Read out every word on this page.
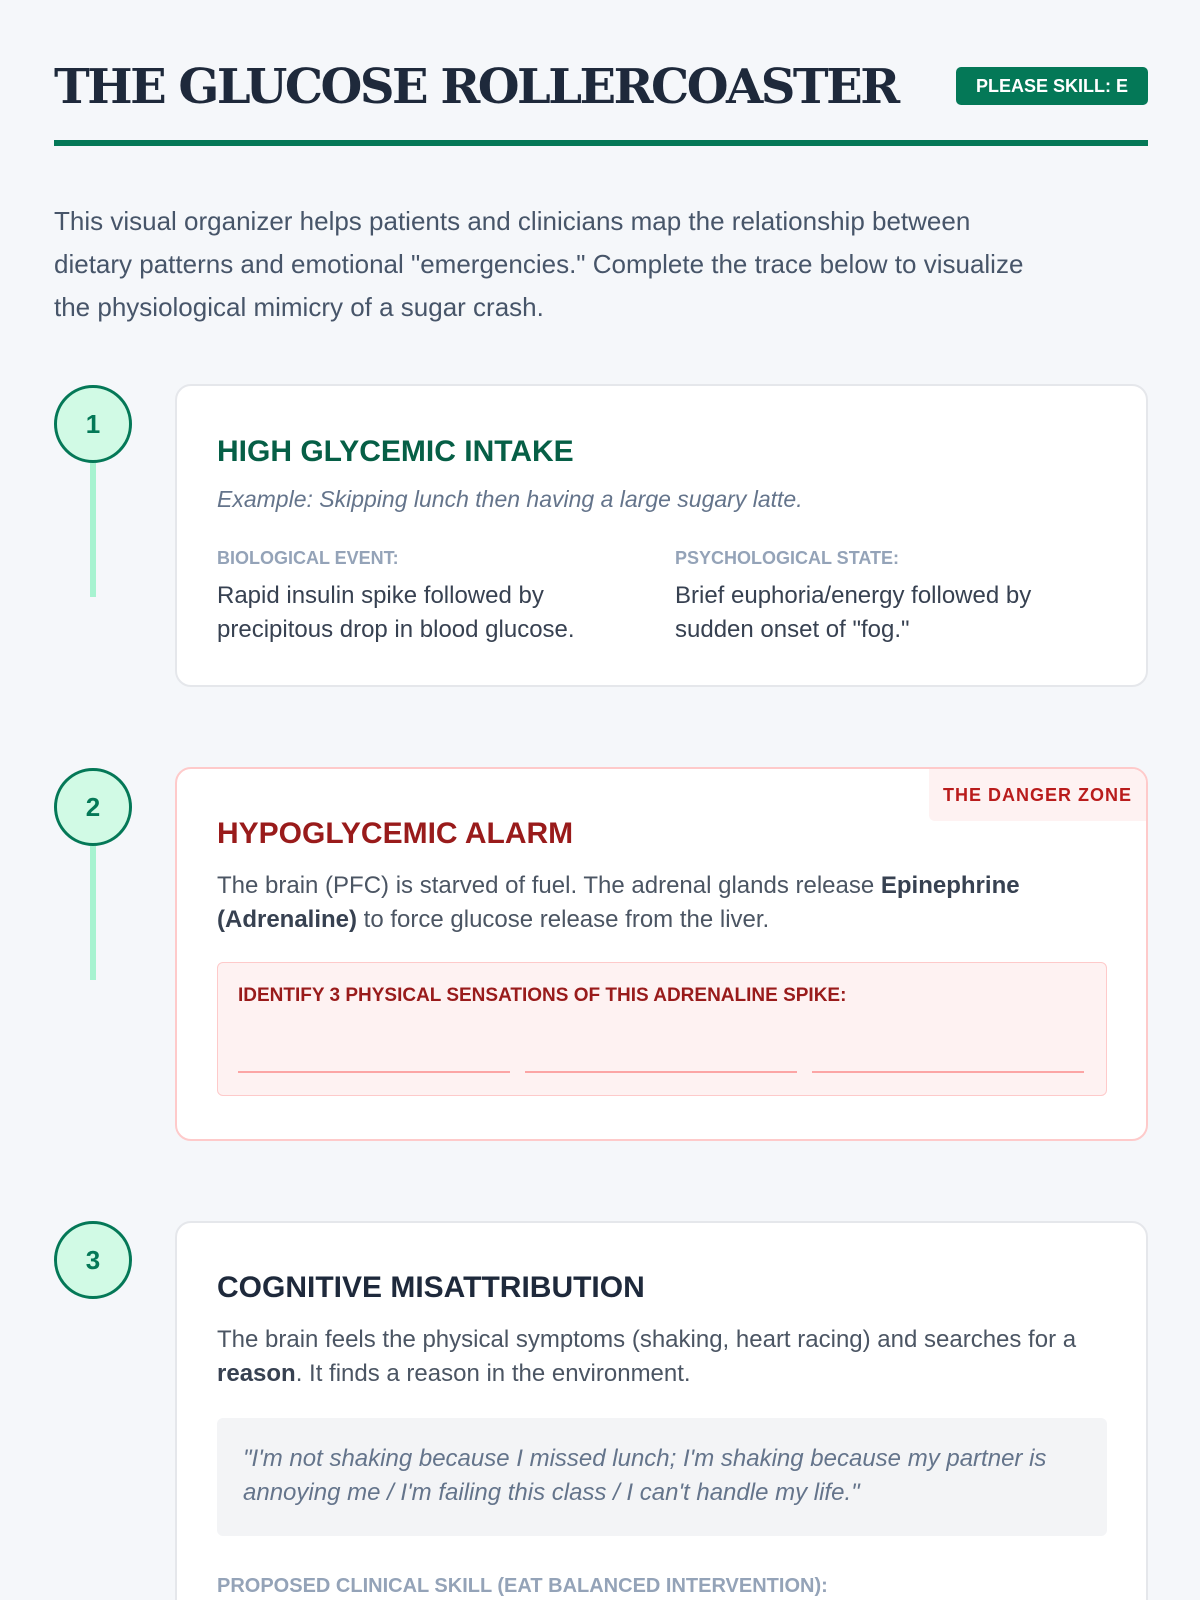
THE GLUCOSE ROLLERCOASTER	PLEASE SKILL: E

This visual organizer helps patients and clinicians map the relationship between dietary patterns and emotional "emergencies." Complete the trace below to visualize the physiological mimicry of a sugar crash.

1
HIGH GLYCEMIC INTAKE

Example: Skipping lunch then having a large sugary latte.

BIOLOGICAL EVENT:

Rapid insulin spike followed by precipitous drop in blood glucose.

PSYCHOLOGICAL STATE:

Brief euphoria/energy followed by sudden onset of "fog."

2	THE DANGER ZONE
HYPOGLYCEMIC ALARM

The brain (PFC) is starved of fuel. The adrenal glands release Epinephrine (Adrenaline) to force glucose release from the liver.

IDENTIFY 3 PHYSICAL SENSATIONS OF THIS ADRENALINE SPIKE:
3
COGNITIVE MISATTRIBUTION

The brain feels the physical symptoms (shaking, heart racing) and searches for a reason. It finds a reason in the environment.

"I'm not shaking because I missed lunch; I'm shaking because my partner is annoying me / I'm failing this class / I can't handle my life."

PROPOSED CLINICAL SKILL (EAT BALANCED INTERVENTION):
